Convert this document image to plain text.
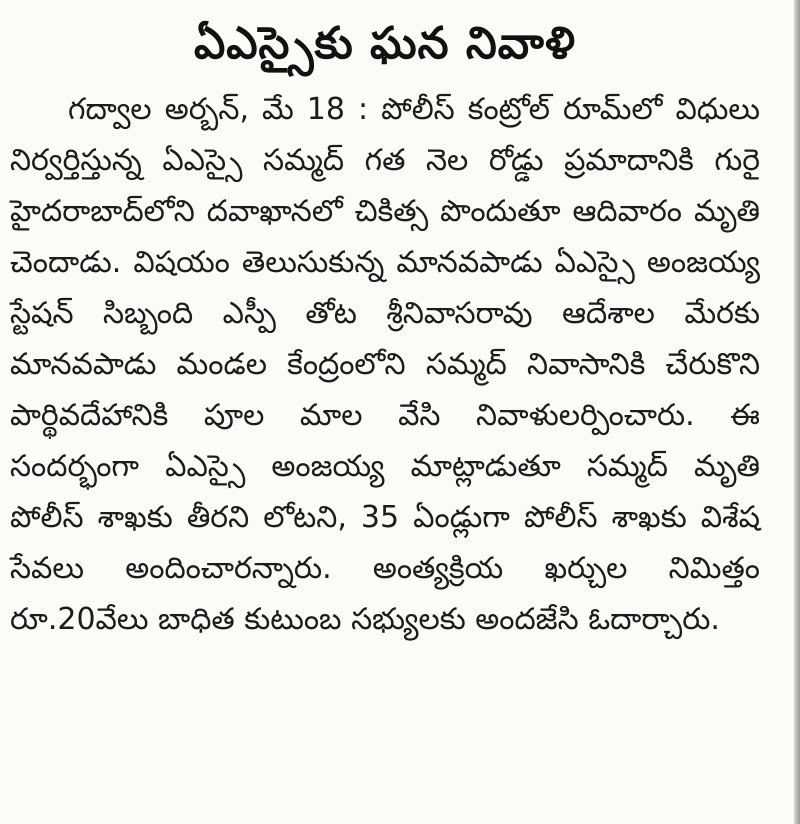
ఏఎస్సైకు ఘన నివాళి
గద్వాల అర్బన్, మే 18 : పోలీస్ కంట్రోల్ రూమ్‌లో విధులు నిర్వర్తిస్తున్న ఏఎస్సై సమ్మద్ గత నెల రోడ్డు ప్రమాదానికి గురై హైదరాబాద్‌లోని దవాఖానలో చికిత్స పొందుతూ ఆదివారం మృతి చెందాడు. విషయం తెలుసుకున్న మానవపాడు ఏఎస్సై అంజయ్య స్టేషన్ సిబ్బంది ఎస్పీ తోట శ్రీనివాసరావు ఆదేశాల మేరకు మానవపాడు మండల కేంద్రంలోని సమ్మద్ నివాసానికి చేరుకొని పార్థివదేహానికి పూల మాల వేసి నివాళులర్పించారు. ఈ సందర్భంగా ఏఎస్సై అంజయ్య మాట్లాడుతూ సమ్మద్ మృతి పోలీస్ శాఖకు తీరని లోటని, 35 ఏండ్లుగా పోలీస్ శాఖకు విశేష సేవలు అందించారన్నారు. అంత్యక్రియ ఖర్చుల నిమిత్తం రూ.20వేలు బాధిత కుటుంబ సభ్యులకు అందజేసి ఓదార్చారు.
